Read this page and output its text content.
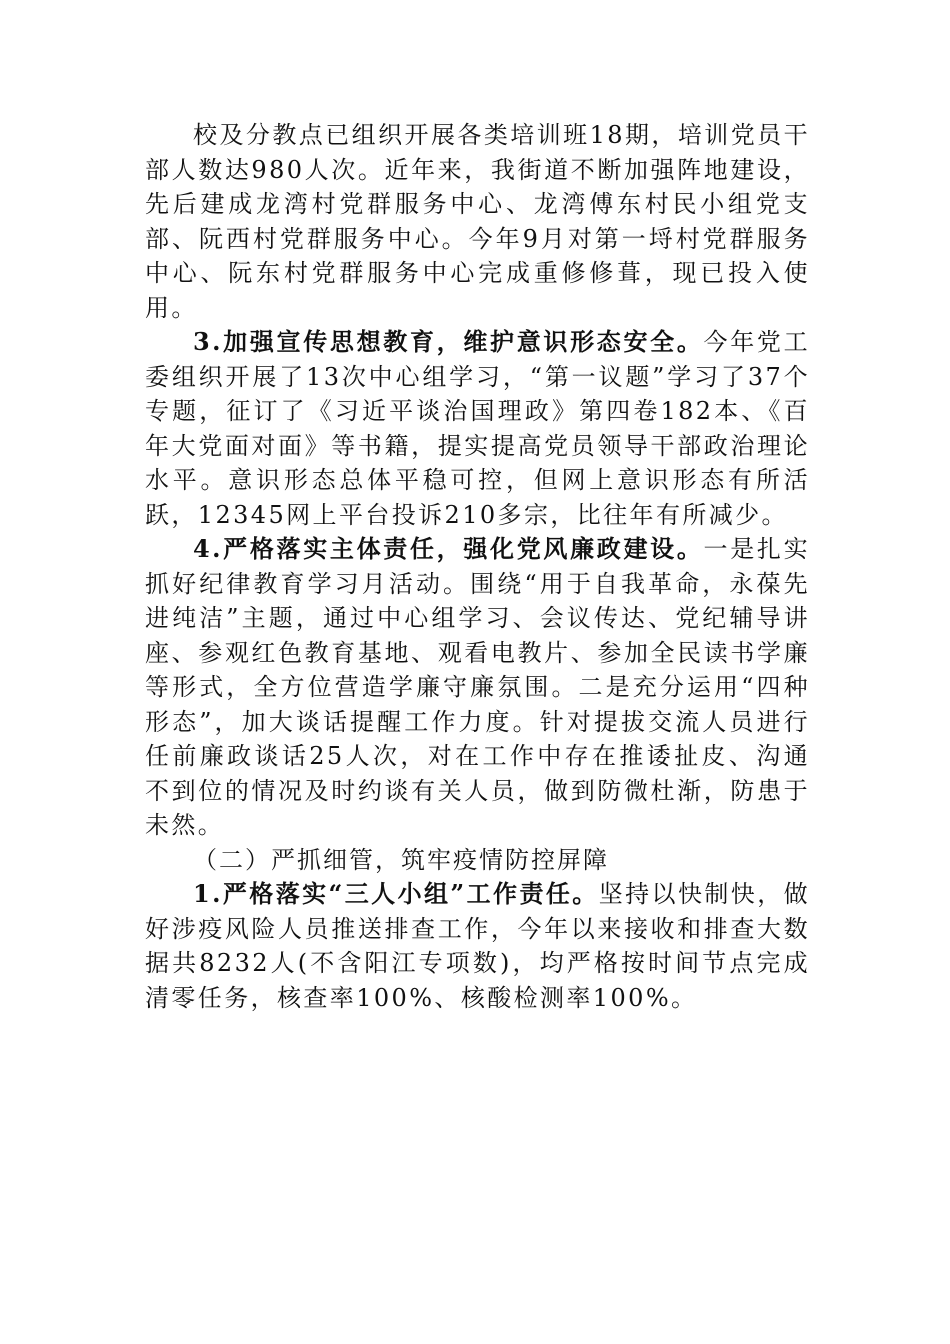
校及分教点已组织开展各类培训班18期，培训党员干部人数达980人次。近年来，我街道不断加强阵地建设，先后建成龙湾村党群服务中心、龙湾傅东村民小组党支部、阮西村党群服务中心。今年9月对第一埒村党群服务中心、阮东村党群服务中心完成重修修葺，现已投入使用。

3.加强宣传思想教育，维护意识形态安全。今年党工委组织开展了13次中心组学习，“第一议题”学习了37个专题，征订了《习近平谈治国理政》第四卷182本、《百年大党面对面》等书籍，提实提高党员领导干部政治理论水平。意识形态总体平稳可控，但网上意识形态有所活跃，12345网上平台投诉210多宗，比往年有所减少。

4.严格落实主体责任，强化党风廉政建设。一是扎实抓好纪律教育学习月活动。围绕“用于自我革命，永葆先进纯洁”主题，通过中心组学习、会议传达、党纪辅导讲座、参观红色教育基地、观看电教片、参加全民读书学廉等形式，全方位营造学廉守廉氛围。二是充分运用“四种形态”，加大谈话提醒工作力度。针对提拔交流人员进行任前廉政谈话25人次，对在工作中存在推诿扯皮、沟通不到位的情况及时约谈有关人员，做到防微杜渐，防患于未然。

（二）严抓细管，筑牢疫情防控屏障

1.严格落实“三人小组”工作责任。坚持以快制快，做好涉疫风险人员推送排查工作，今年以来接收和排查大数据共8232人(不含阳江专项数)，均严格按时间节点完成清零任务，核查率100%、核酸检测率100%。
